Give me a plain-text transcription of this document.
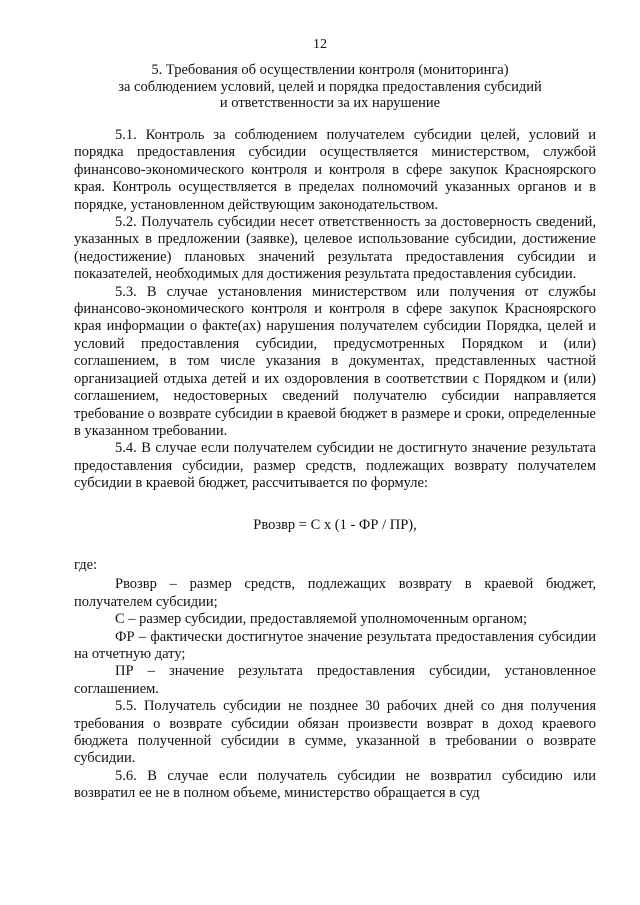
12
5. Требования об осуществлении контроля (мониторинга)
за соблюдением условий, целей и порядка предоставления субсидий
и ответственности за их нарушение

5.1. Контроль за соблюдением получателем субсидии целей, условий и порядка предоставления субсидии осуществляется министерством, службой финансово-экономического контроля и контроля в сфере закупок Красноярского края. Контроль осуществляется в пределах полномочий указанных органов и в порядке, установленном действующим законодательством.

5.2. Получатель субсидии несет ответственность за достоверность сведений, указанных в предложении (заявке), целевое использование субсидии, достижение (недостижение) плановых значений результата предоставления субсидии и показателей, необходимых для достижения результата предоставления субсидии.

5.3. В случае установления министерством или получения от службы финансово-экономического контроля и контроля в сфере закупок Красноярского края информации о факте(ах) нарушения получателем субсидии Порядка, целей и условий предоставления субсидии, предусмотренных Порядком и (или) соглашением, в том числе указания в документах, представленных частной организацией отдыха детей и их оздоровления в соответствии с Порядком и (или) соглашением, недостоверных сведений получателю субсидии направляется требование о возврате субсидии в краевой бюджет в размере и сроки, определенные в указанном требовании.

5.4. В случае если получателем субсидии не достигнуто значение результата предоставления субсидии, размер средств, подлежащих возврату получателем субсидии в краевой бюджет, рассчитывается по формуле:

Рвозвр = С х (1 - ФР / ПР),

где:

Рвозвр – размер средств, подлежащих возврату в краевой бюджет, получателем субсидии;

С – размер субсидии, предоставляемой уполномоченным органом;

ФР – фактически достигнутое значение результата предоставления субсидии на отчетную дату;

ПР – значение результата предоставления субсидии, установленное соглашением.

5.5. Получатель субсидии не позднее 30 рабочих дней со дня получения требования о возврате субсидии обязан произвести возврат в доход краевого бюджета полученной субсидии в сумме, указанной в требовании о возврате субсидии.

5.6. В случае если получатель субсидии не возвратил субсидию или возвратил ее не в полном объеме, министерство обращается в суд
